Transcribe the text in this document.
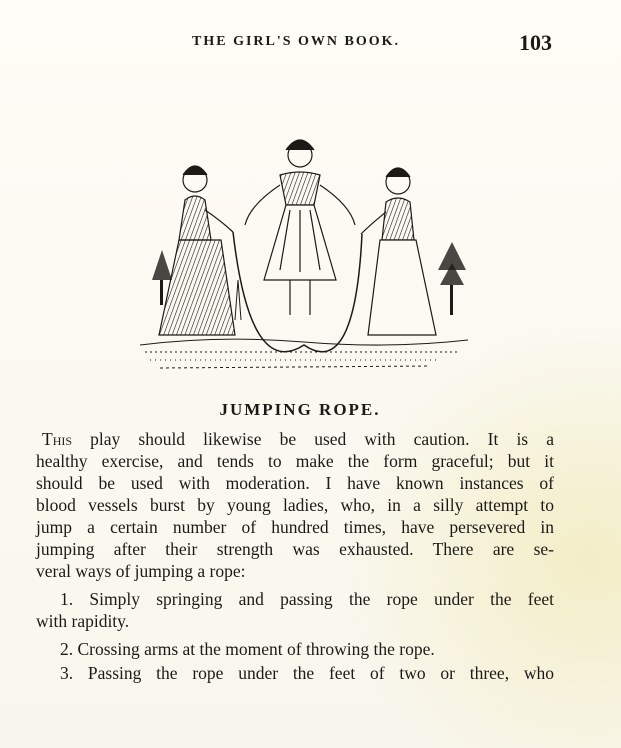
THE GIRL'S OWN BOOK.	103
JUMPING ROPE.
This play should likewise be used with caution. It is a
healthy exercise, and tends to make the form graceful; but it
should be used with moderation. I have known instances of
blood vessels burst by young ladies, who, in a silly attempt to
jump a certain number of hundred times, have persevered in
jumping after their strength was exhausted. There are se-
veral ways of jumping a rope:
1. Simply springing and passing the rope under the feet
with rapidity.
2. Crossing arms at the moment of throwing the rope.
3. Passing the rope under the feet of two or three, who
